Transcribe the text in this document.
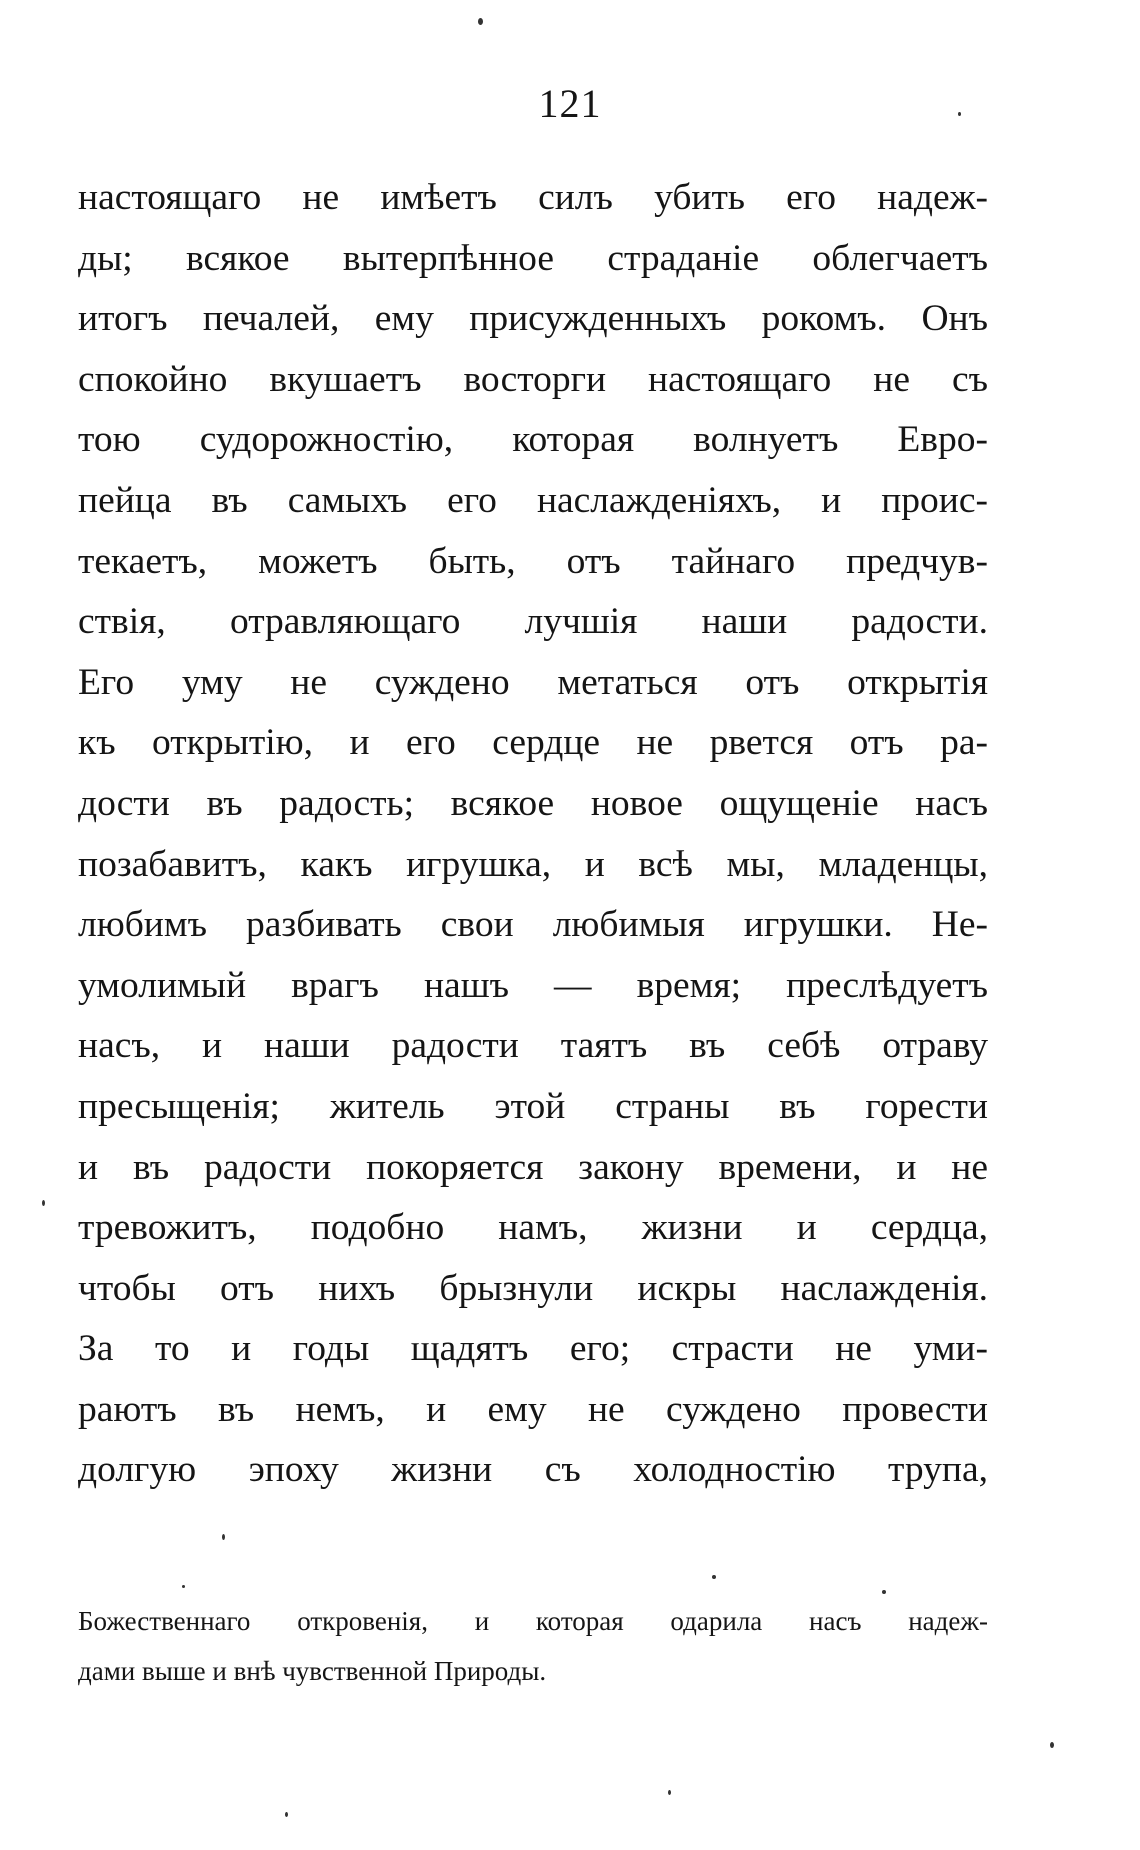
121
настоящаго не имѣетъ силъ убить его надеж-
ды; всякое вытерпѣнное страданіе облегчаетъ
итогъ печалей, ему присужденныхъ рокомъ. Онъ
спокойно вкушаетъ восторги настоящаго не съ
тою судорожностію, которая волнуетъ Евро-
пейца въ самыхъ его наслажденіяхъ, и проис-
текаетъ, можетъ быть, отъ тайнаго предчув-
ствія, отравляющаго лучшія наши радости.
Его уму не суждено метаться отъ открытія
къ открытію, и его сердце не рвется отъ ра-
дости въ радость; всякое новое ощущеніе насъ
позабавитъ, какъ игрушка, и всѣ мы, младенцы,
любимъ разбивать свои любимыя игрушки. Не-
умолимый врагъ нашъ — время; преслѣдуетъ
насъ, и наши радости таятъ въ себѣ отраву
пресыщенія; житель этой страны въ горести
и въ радости покоряется закону времени, и не
тревожитъ, подобно намъ, жизни и сердца,
чтобы отъ нихъ брызнули искры наслажденія.
За то и годы щадятъ его; страсти не уми-
раютъ въ немъ, и ему не суждено провести
долгую эпоху жизни съ холодностію трупа,
Божественнаго откровенія, и которая одарила насъ надеж-
дами выше и внѣ чувственной Природы.
